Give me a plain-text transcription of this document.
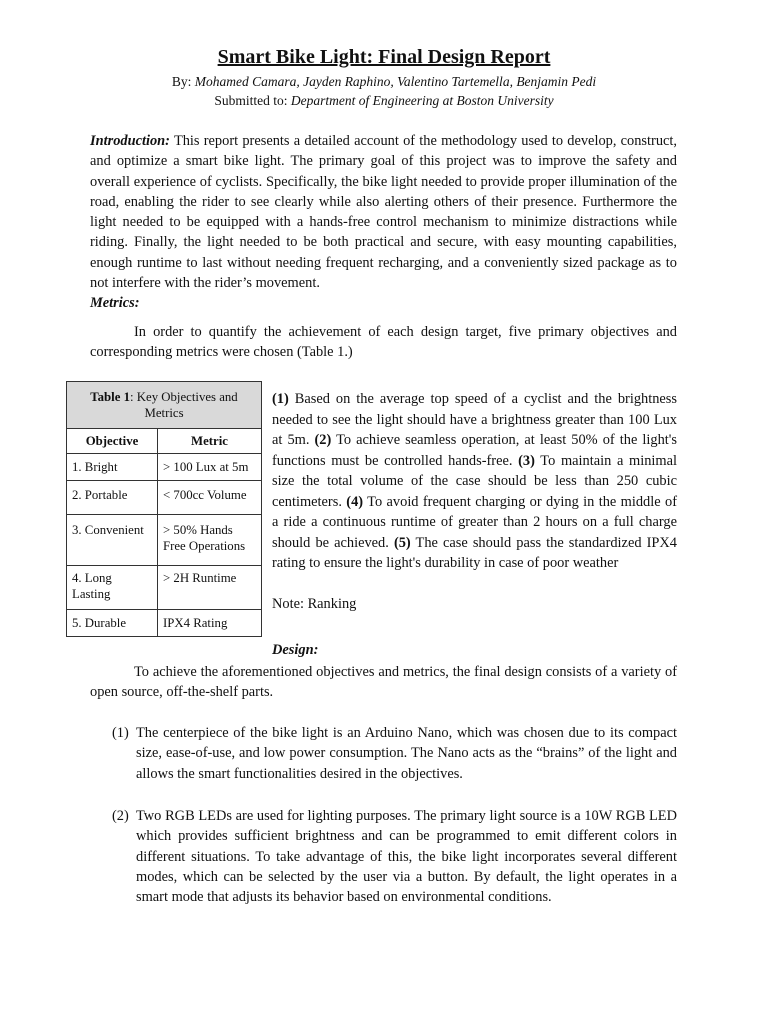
Smart Bike Light: Final Design Report

By: Mohamed Camara, Jayden Raphino, Valentino Tartemella, Benjamin Pedi

Submitted to: Department of Engineering at Boston University

Introduction: This report presents a detailed account of the methodology used to develop, construct, and optimize a smart bike light. The primary goal of this project was to improve the safety and overall experience of cyclists. Specifically, the bike light needed to provide proper illumination of the road, enabling the rider to see clearly while also alerting others of their presence. Furthermore the light needed to be equipped with a hands-free control mechanism to minimize distractions while riding. Finally, the light needed to be both practical and secure, with easy mounting capabilities, enough runtime to last without needing frequent recharging, and a conveniently sized package as to not interfere with the rider’s movement.

Metrics:

In order to quantify the achievement of each design target, five primary objectives and corresponding metrics were chosen (Table 1.)

Table 1: Key Objectives and Metrics	
Objective	Metric
1. Bright	> 100 Lux at 5m
2. Portable	< 700cc Volume
3. Convenient	> 50% Hands Free Operations
4. Long Lasting	> 2H Runtime
5. Durable	IPX4 Rating

(1) Based on the average top speed of a cyclist and the brightness needed to see the light should have a brightness greater than 100 Lux at 5m. (2) To achieve seamless operation, at least 50% of the light's functions must be controlled hands-free. (3) To maintain a minimal size the total volume of the case should be less than 250 cubic centimeters. (4) To avoid frequent charging or dying in the middle of a ride a continuous runtime of greater than 2 hours on a full charge should be achieved. (5) The case should pass the standardized IPX4 rating to ensure the light's durability in case of poor weather

Note: Ranking

Design:

To achieve the aforementioned objectives and metrics, the final design consists of a variety of open source, off-the-shelf parts.

(1) The centerpiece of the bike light is an Arduino Nano, which was chosen due to its compact size, ease-of-use, and low power consumption. The Nano acts as the “brains” of the light and allows the smart functionalities desired in the objectives.
(2) Two RGB LEDs are used for lighting purposes. The primary light source is a 10W RGB LED which provides sufficient brightness and can be programmed to emit different colors in different situations. To take advantage of this, the bike light incorporates several different modes, which can be selected by the user via a button. By default, the light operates in a smart mode that adjusts its behavior based on environmental conditions.
